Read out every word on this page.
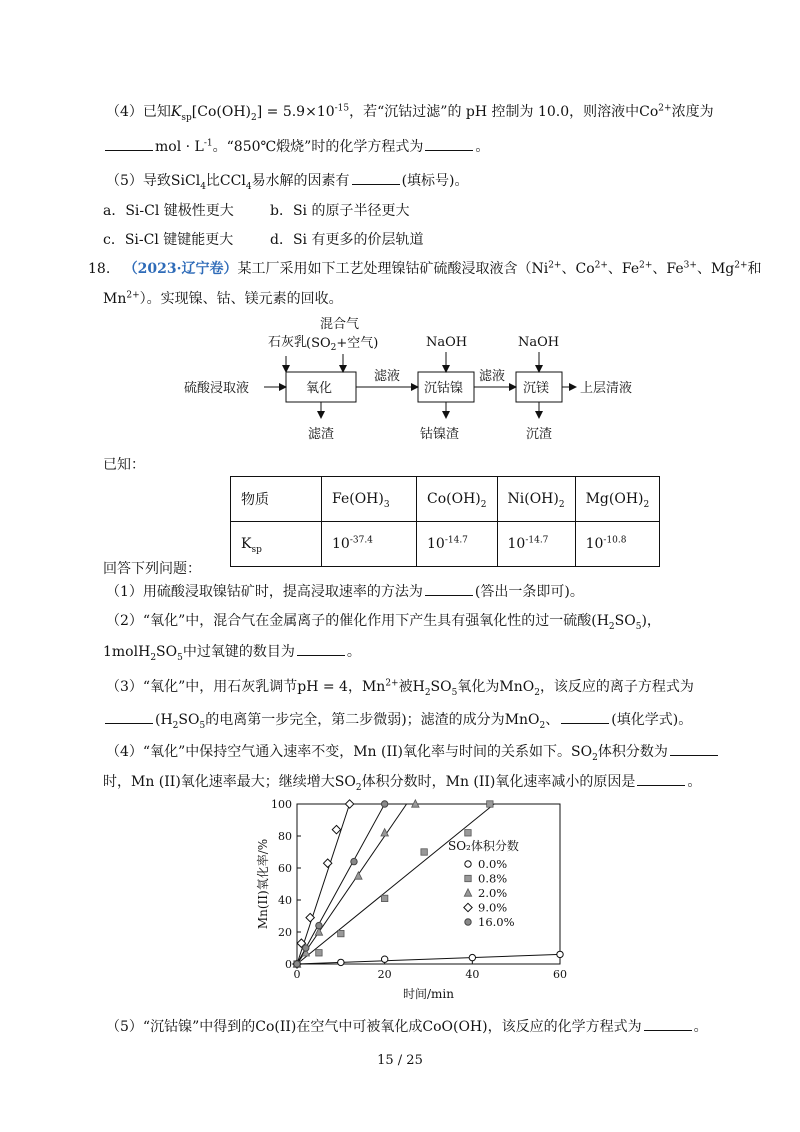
（4）已知$K_{sp}[Co(OH)_2] = 5.9\times 10^{-15}$，若“沉钴过滤”的 pH 控制为 10.0，则溶液中$Co^{2+}$浓度为
mol · $L^{-1}$。“850℃煅烧”时的化学方程式为	。
（5）导致SiCl$_4$比CCl$_4$易水解的因素有	(填标号)。
a．Si-Cl 键极性更大	b．Si 的原子半径更大
c．Si-Cl 键键能更大	d．Si 有更多的价层轨道
18. （2023·辽宁卷）某工厂采用如下工艺处理镍钴矿硫酸浸取液含（$Ni^{2+}$、$Co^{2+}$、$Fe^{2+}$、$Fe^{3+}$、$Mg^{2+}$和
$Mn^{2+}$）。实现镍、钴、镁元素的回收。
石灰乳
混合气
($SO_2+$空气)	NaOH	NaOH
硫酸浸取液	氧化
滤液
沉钴镍
滤液
沉镁 上层清液
滤渣	钴镍渣	沉渣
已知：
物质	$Fe(OH)_3$	$Co(OH)_2$	$Ni(OH)_2$	$Mg(OH)_2$
$K_{sp}$	$10^{-37.4}$	$10^{-14.7}$	$10^{-14.7}$	$10^{-10.8}$
回答下列问题：
（1）用硫酸浸取镍钴矿时，提高浸取速率的方法为	(答出一条即可)。
（2）“氧化”中，混合气在金属离子的催化作用下产生具有强氧化性的过一硫酸$(H_2SO_5)$，
$1molH_2SO_5$中过氧键的数目为	。
（3）“氧化”中，用石灰乳调节pH = 4，$Mn^{2+}$被$H_2SO_5$氧化为MnO$_2$，该反应的离子方程式为
($H_2SO_5$的电离第一步完全，第二步微弱)；滤渣的成分为MnO$_2$、	(填化学式)。
（4）“氧化”中保持空气通入速率不变，Mn (II)氧化率与时间的关系如下。$SO_2$体积分数为
时，Mn (II)氧化速率最大；继续增大$SO_2$体积分数时，Mn (II)氧化速率减小的原因是	。
0	20	40	60
0
20
40
60
80
100
时间/min
Mn(II)氧化率/%	SO₂体积分数
0.0%
0.8%
2.0%
9.0%
16.0%
（5）“沉钴镍”中得到的Co(II)在空气中可被氧化成CoO(OH)，该反应的化学方程式为	。
15 / 25
